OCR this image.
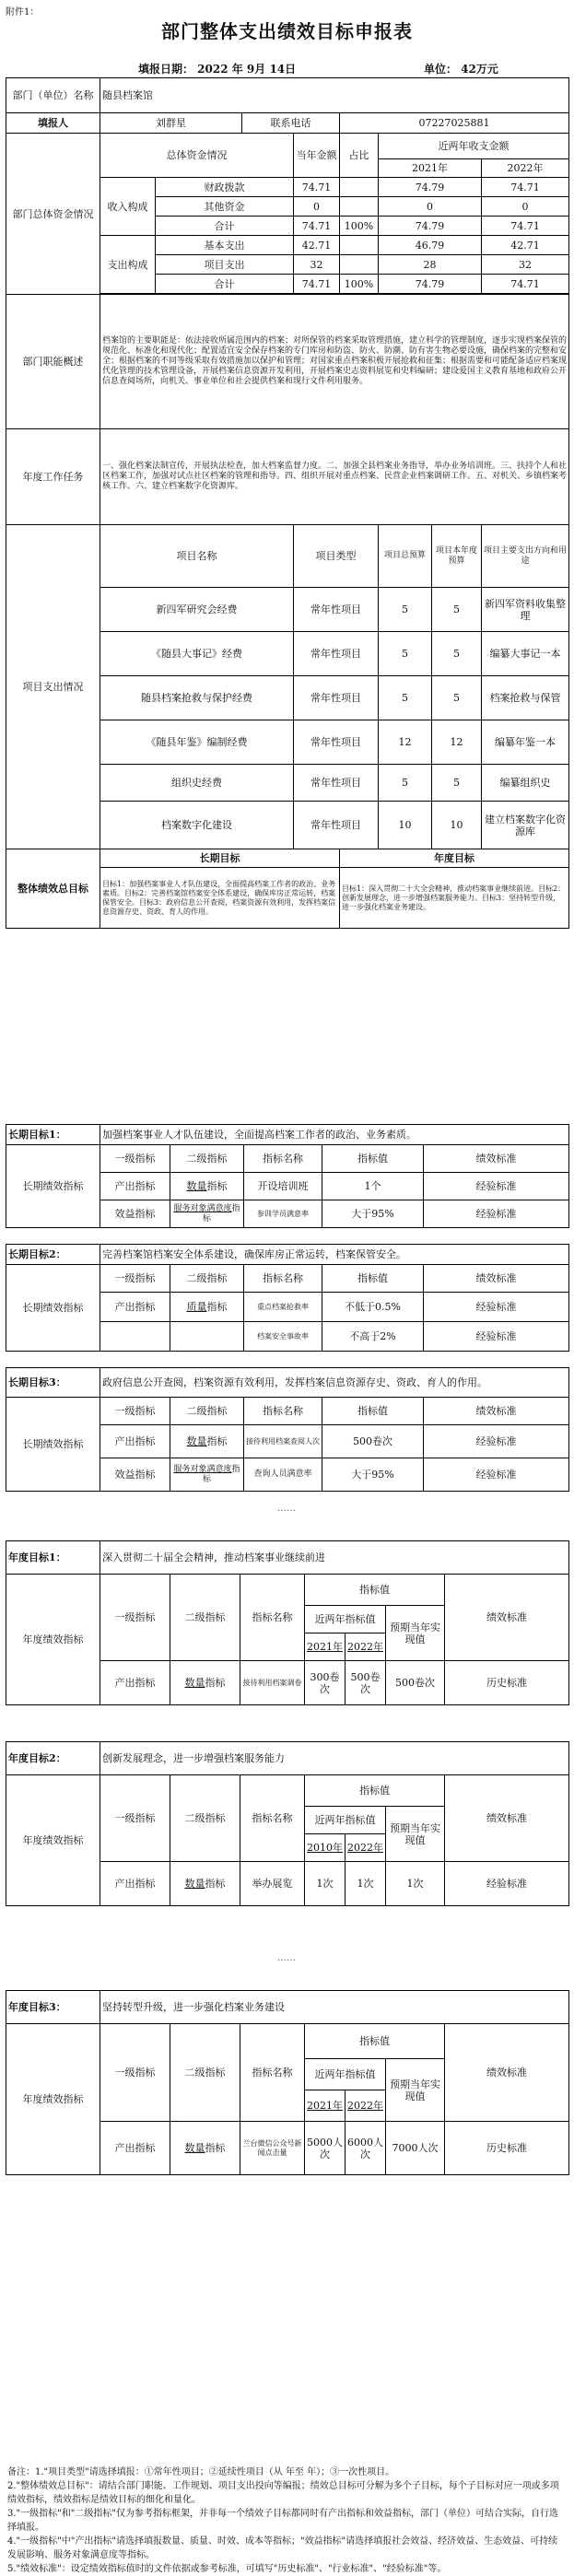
附件1：
部门整体支出绩效目标申报表
填报日期： 2022 年 9月 14日	单位： 42万元
部门（单位）名称	随县档案馆							
填报人	刘群星		联系电话		07227025881			
部门总体资金情况	总体资金情况			当年金额	占比	近两年收支金额		
						2021年		2022年
	收入构成	财政拨款		74.71		74.79		74.71
		其他资金		0		0		0
		合计		74.71	100%	74.79		74.71
	支出构成	基本支出		42.71		46.79		42.71
		项目支出		32		28		32
		合计		74.71	100%	74.79		74.71

部门职能概述	档案馆的主要职能是：依法接收所属范围内的档案；对所保管的档案采取管理措施，建立科学的管理制度，逐步实现档案保管的规范化、标准化和现代化；配置适宜安全保存档案的专门库房和防盗、防火、防潮、防有害生物必要设施，确保档案的完整和安全；根据档案的不同等级采取有效措施加以保护和管理；对国家重点档案积极开展抢救和征集；根据需要和可能配备适应档案现代化管理的技术管理设备，开展档案信息资源开发利用，开展档案史志资料展览和史料编研；建设爱国主义教育基地和政府公开信息查阅场所，向机关、事业单位和社会提供档案和现行文件利用服务。							
年度工作任务	一、强化档案法制宣传，开展执法检查，加大档案监督力度。二、加强全县档案业务指导，举办业务培训班。三、扶持个人和社区档案工作，加强对试点社区档案的管理和指导。四、组织开展对重点档案、民营企业档案调研工作。五、对机关、乡镇档案考核工作。六、建立档案数字化资源库。							
项目支出情况	项目名称			项目类型		项目总预算	项目本年度预算	项目主要支出方向和用途
	新四军研究会经费			常年性项目		5	5	新四军资料收集整理
	《随县大事记》经费			常年性项目		5	5	编纂大事记一本
	随县档案抢救与保护经费			常年性项目		5	5	档案抢救与保管
	《随县年鉴》编制经费			常年性项目		12	12	编纂年鉴一本
	组织史经费			常年性项目		5	5	编纂组织史
	档案数字化建设			常年性项目		10	10	建立档案数字化资源库
整体绩效总目标	长期目标				年度目标			
	目标1：加强档案事业人才队伍建设，全面提高档案工作者的政治、业务素质。目标2：完善档案馆档案安全体系建设，确保库房正常运转，档案保管安全。目标3：政府信息公开查阅，档案资源有效利用，发挥档案信息资源存史、资政、育人的作用。				目标1：深入贯彻二十大全会精神，推动档案事业继续前进。目标2：创新发展理念，进一步增强档案服务能力。目标3：坚持转型升级，进一步强化档案业务建设。			

备注：1."项目类型"请选择填报：①常年性项目；②延续性项目（从 年至 年）；③一次性项目。

2."整体绩效总目标"：请结合部门职能、工作规划、项目支出投向等编报；绩效总目标可分解为多个子目标，每个子目标对应一项或多项绩效指标，绩效指标是绩效目标的细化和量化。

3."一级指标"和"二级指标"仅为参考指标框架，并非每一个绩效子目标都同时有产出指标和效益指标，部门（单位）可结合实际，自行选择填报。

4."一级指标"中"产出指标"请选择填报数量、质量、时效、成本等指标；"效益指标"请选择填报社会效益、经济效益、生态效益、可持续发展影响、服务对象满意度等指标。

5."绩效标准"：设定绩效指标值时的文件依据或参考标准，可填写"历史标准"、"行业标准"、"经验标准"等。

长期目标1：	加强档案事业人才队伍建设，全面提高档案工作者的政治、业务素质。				
长期绩效指标	一级指标	二级指标	指标名称	指标值	绩效标准
	产出指标	数量指标	开设培训班	1个	经验标准
	效益指标	服务对象满意度指标	参训学员满意率	大于95%	经验标准
长期目标2：	完善档案馆档案安全体系建设，确保库房正常运转，档案保管安全。				
长期绩效指标	一级指标	二级指标	指标名称	指标值	绩效标准
	产出指标	质量指标	重点档案抢救率	不低于0.5%	经验标准
			档案安全事故率	不高于2%	经验标准
长期目标3：	政府信息公开查阅，档案资源有效利用，发挥档案信息资源存史、资政、育人的作用。				
长期绩效指标	一级指标	二级指标	指标名称	指标值	绩效标准
	产出指标	数量指标	接待利用档案查阅人次	500卷次	经验标准
	效益指标	服务对象满意度指标	查询人员满意率	大于95%	经验标准
……
年度目标1：	深入贯彻二十届全会精神，推动档案事业继续前进						
年度绩效指标	一级指标	二级指标	指标名称	指标值			绩效标准
				近两年指标值		预期当年实现值	
				2021年	2022年		
	产出指标	数量指标	接待利用档案调卷	300卷次	500卷次	500卷次	历史标准
年度目标2：	创新发展理念，进一步增强档案服务能力						
年度绩效指标	一级指标	二级指标	指标名称	指标值			绩效标准
				近两年指标值		预期当年实现值	
				2010年	2022年		
	产出指标	数量指标	举办展览	1次	1次	1次	经验标准
……
年度目标3：	坚持转型升级，进一步强化档案业务建设						
年度绩效指标	一级指标	二级指标	指标名称	指标值			绩效标准
				近两年指标值		预期当年实现值	
				2021年	2022年		
	产出指标	数量指标	兰台微信公众号新闻点击量	5000人次	6000人次	7000人次	历史标准
